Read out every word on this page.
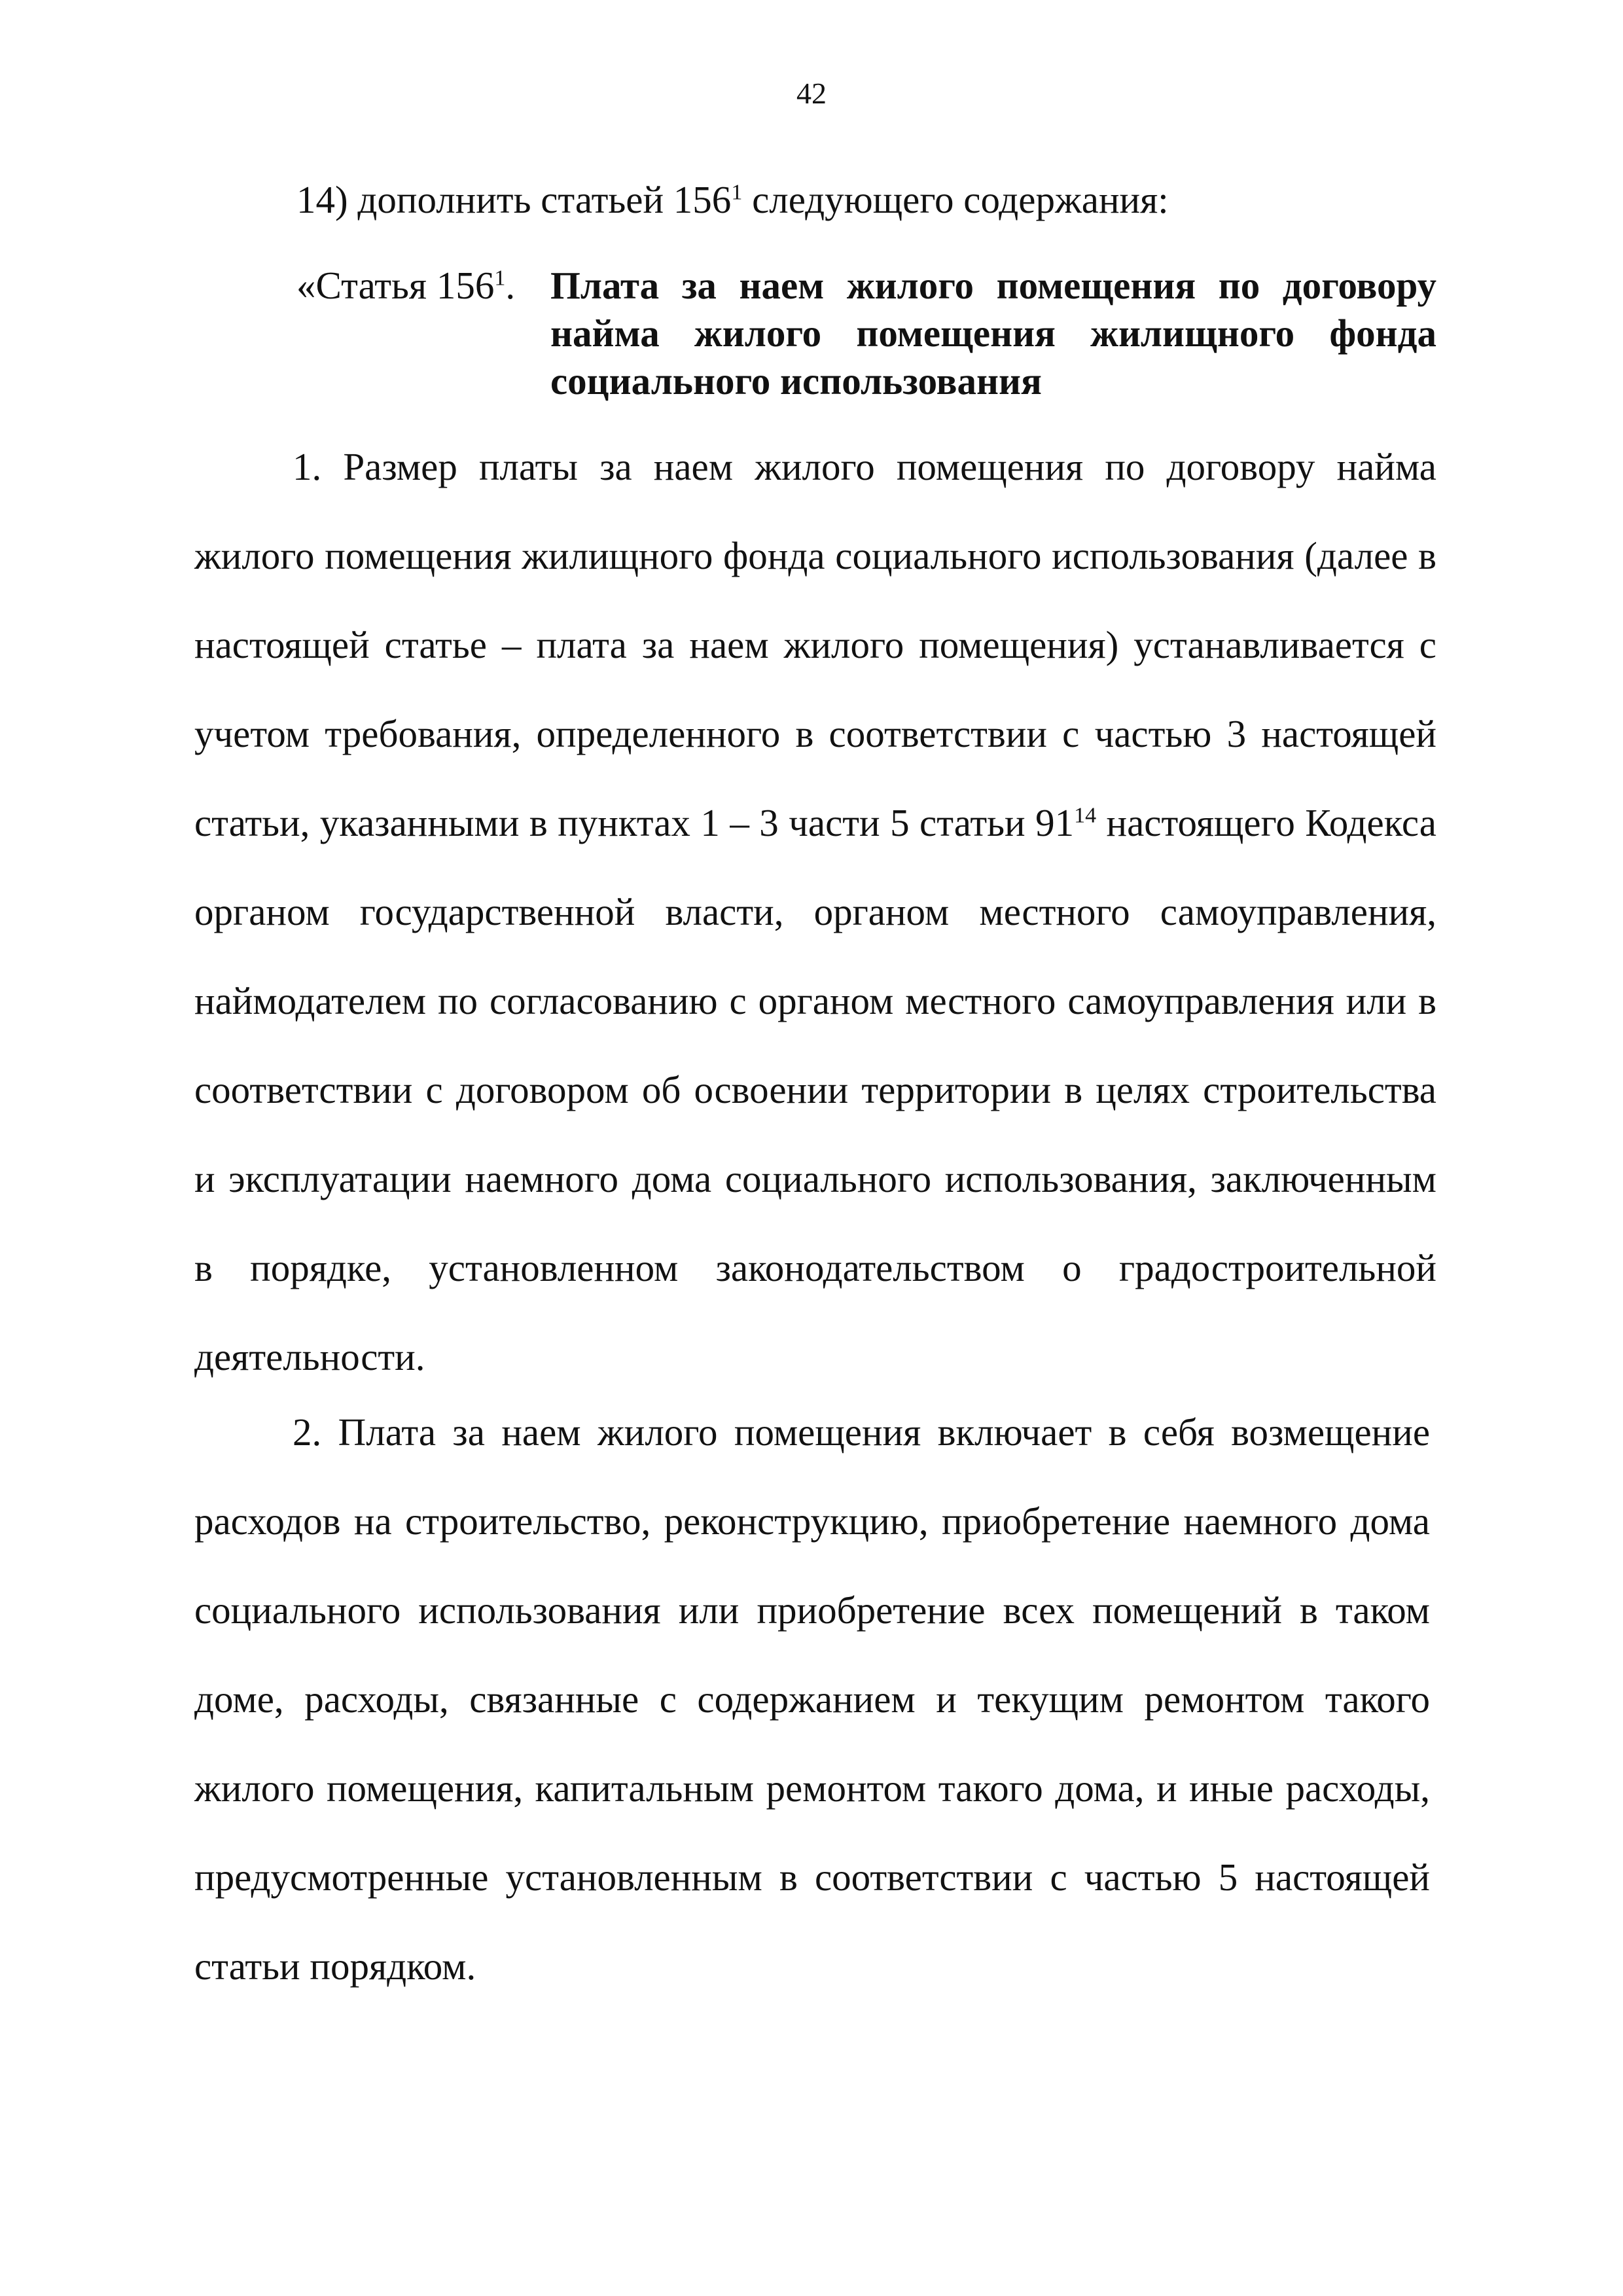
42
14) дополнить статьей $156^1$ следующего содержания:
«Статья $156^1$. Плата за наем жилого помещения по договору найма жилого помещения жилищного фонда социального использования

1. Размер платы за наем жилого помещения по договору найма жилого помещения жилищного фонда социального использования (далее в настоящей статье – плата за наем жилого помещения) устанавливается с учетом требования, определенного в соответствии с частью 3 настоящей статьи, указанными в пунктах 1 – 3 части 5 статьи $91^{14}$ настоящего Кодекса органом государственной власти, органом местного самоуправления, наймодателем по согласованию с органом местного самоуправления или в соответствии с договором об освоении территории в целях строительства и эксплуатации наемного дома социального использования, заключенным в порядке, установленном законодательством о градостроительной деятельности.

2. Плата за наем жилого помещения включает в себя возмещение расходов на строительство, реконструкцию, приобретение наемного дома социального использования или приобретение всех помещений в таком доме, расходы, связанные с содержанием и текущим ремонтом такого жилого помещения, капитальным ремонтом такого дома, и иные расходы, предусмотренные установленным в соответствии с частью 5 настоящей статьи порядком.
